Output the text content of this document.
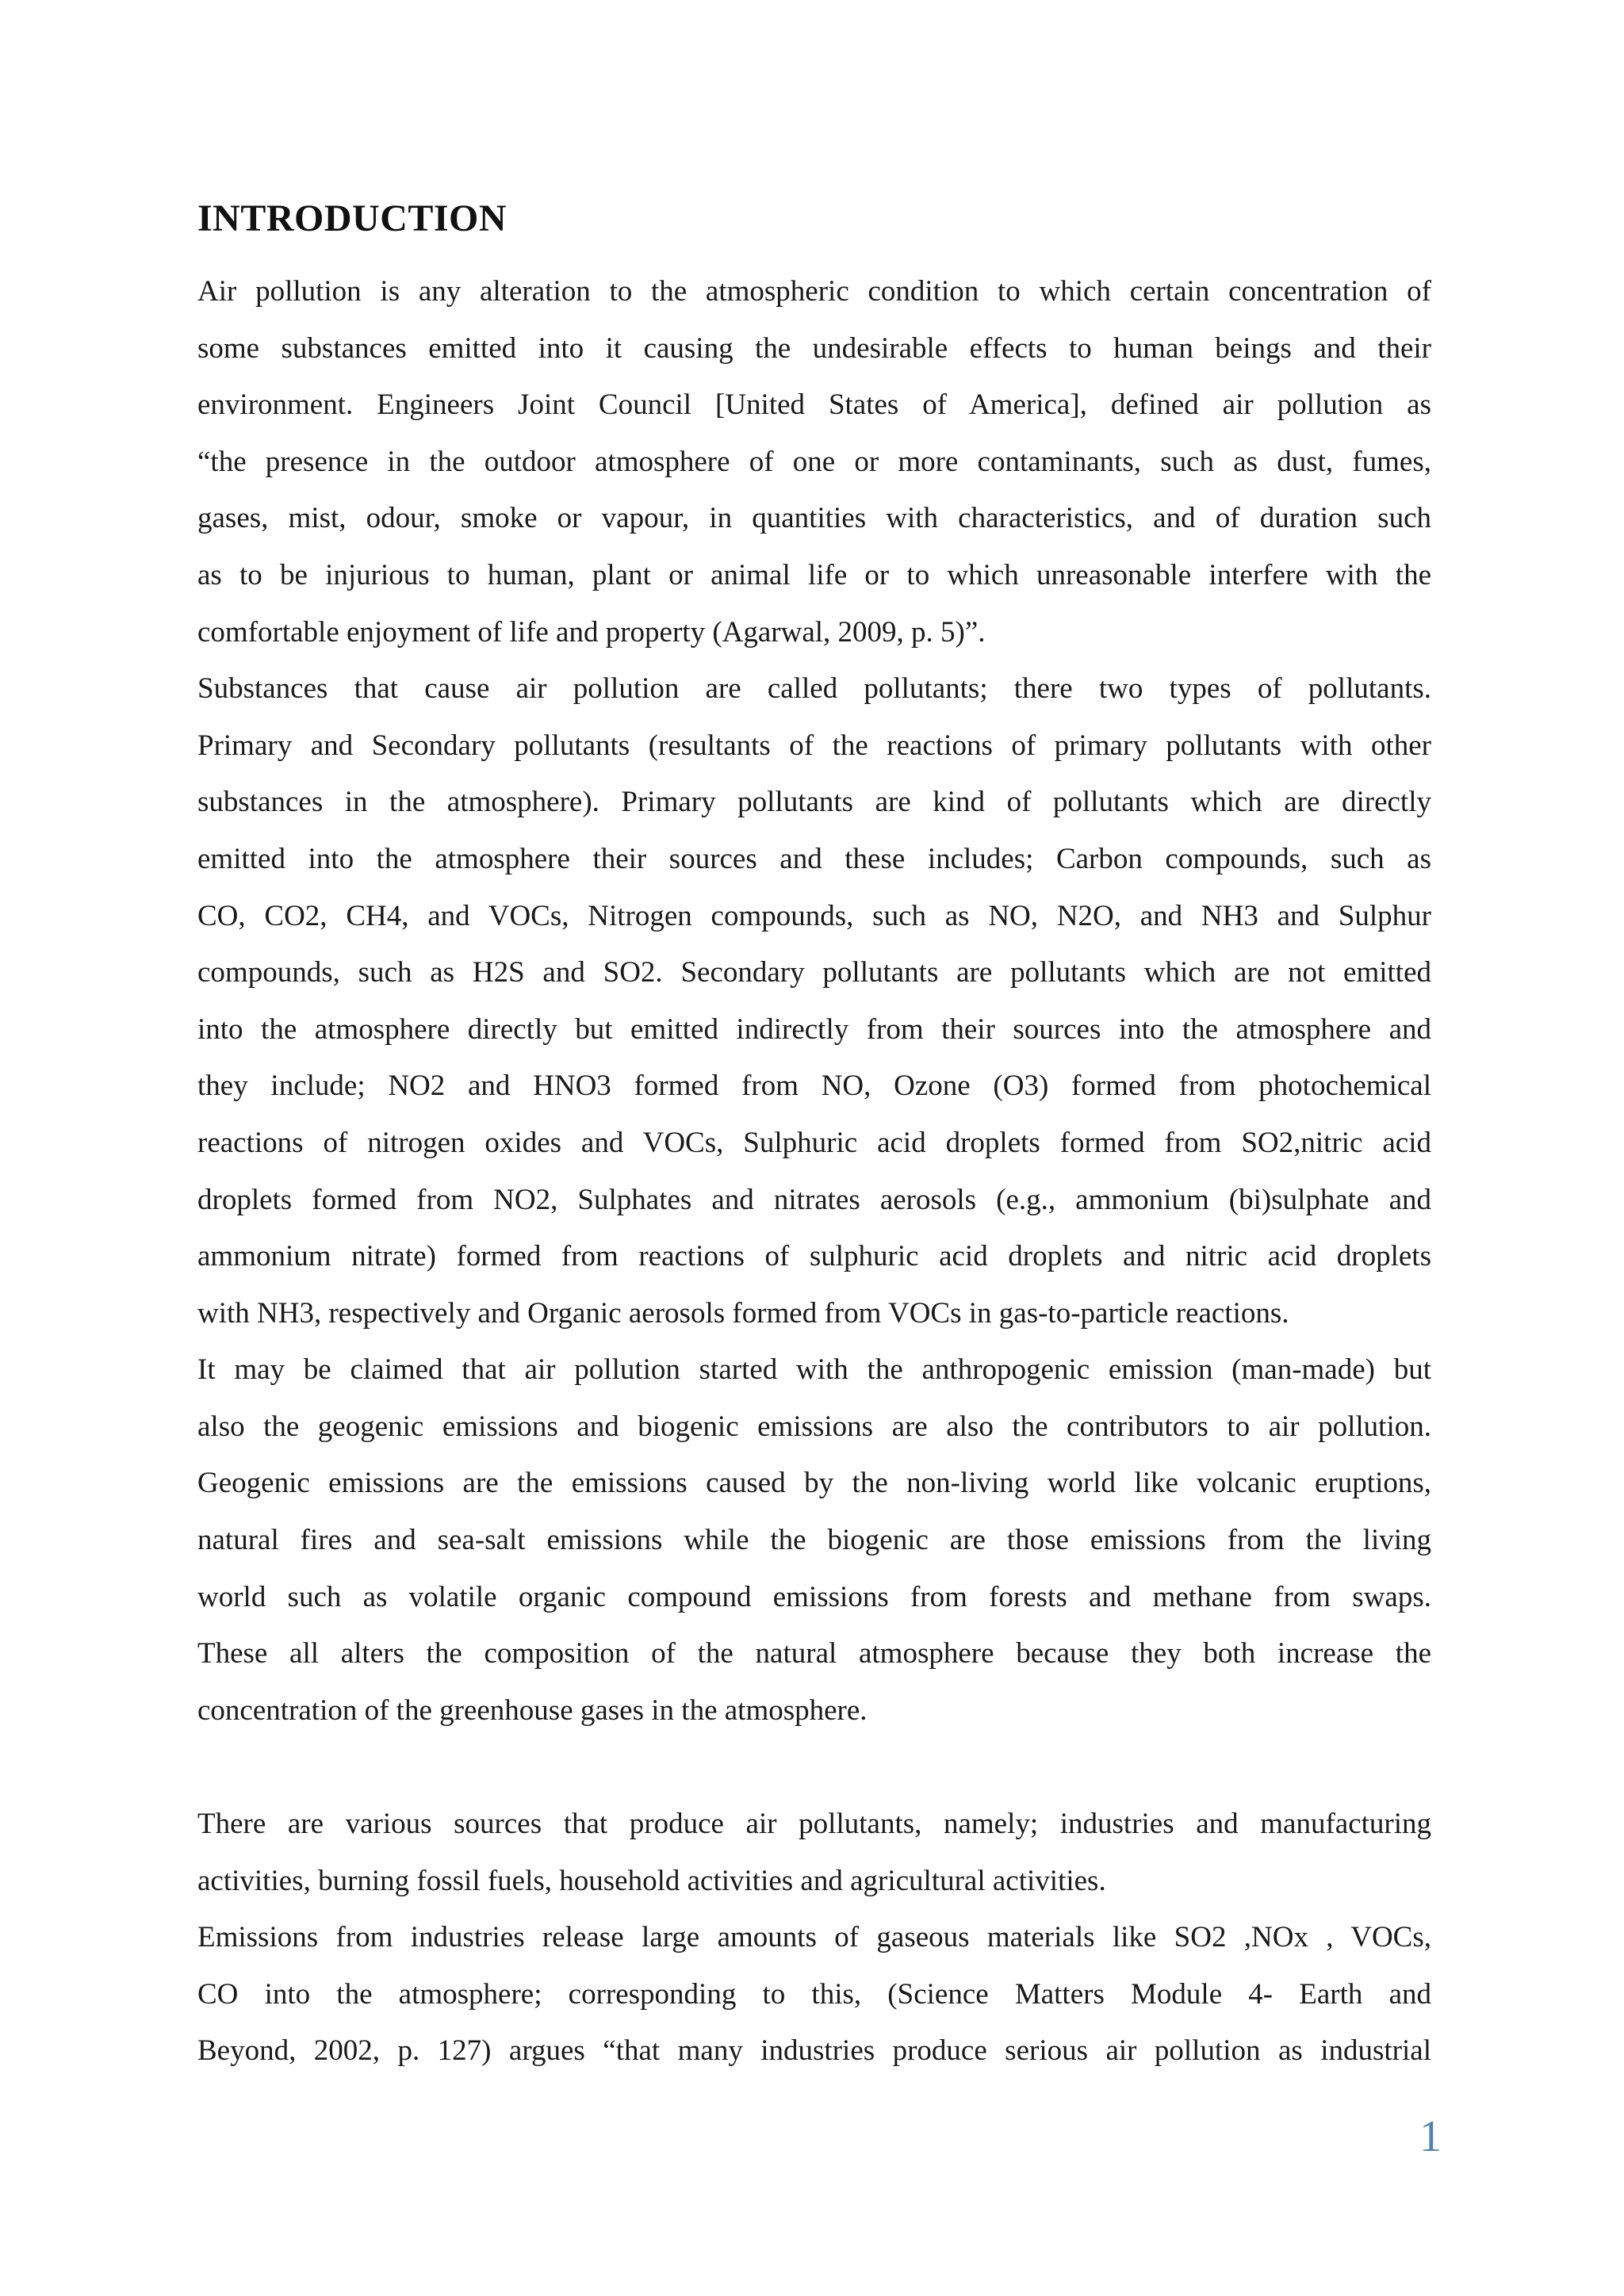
INTRODUCTION
Air pollution is any alteration to the atmospheric condition to which certain concentration of
some substances emitted into it causing the undesirable effects to human beings and their
environment. Engineers Joint Council [United States of America], defined air pollution as
“the presence in the outdoor atmosphere of one or more contaminants, such as dust, fumes,
gases, mist, odour, smoke or vapour, in quantities with characteristics, and of duration such
as to be injurious to human, plant or animal life or to which unreasonable interfere with the
comfortable enjoyment of life and property (Agarwal, 2009, p. 5)”.
Substances that cause air pollution are called pollutants; there two types of pollutants.
Primary and Secondary pollutants (resultants of the reactions of primary pollutants with other
substances in the atmosphere). Primary pollutants are kind of pollutants which are directly
emitted into the atmosphere their sources and these includes; Carbon compounds, such as
CO, CO2, CH4, and VOCs, Nitrogen compounds, such as NO, N2O, and NH3 and Sulphur
compounds, such as H2S and SO2. Secondary pollutants are pollutants which are not emitted
into the atmosphere directly but emitted indirectly from their sources into the atmosphere and
they include; NO2 and HNO3 formed from NO, Ozone (O3) formed from photochemical
reactions of nitrogen oxides and VOCs, Sulphuric acid droplets formed from SO2,nitric acid
droplets formed from NO2, Sulphates and nitrates aerosols (e.g., ammonium (bi)sulphate and
ammonium nitrate) formed from reactions of sulphuric acid droplets and nitric acid droplets
with NH3, respectively and Organic aerosols formed from VOCs in gas-to-particle reactions.
It may be claimed that air pollution started with the anthropogenic emission (man-made) but
also the geogenic emissions and biogenic emissions are also the contributors to air pollution.
Geogenic emissions are the emissions caused by the non-living world like volcanic eruptions,
natural fires and sea-salt emissions while the biogenic are those emissions from the living
world such as volatile organic compound emissions from forests and methane from swaps.
These all alters the composition of the natural atmosphere because they both increase the
concentration of the greenhouse gases in the atmosphere.
There are various sources that produce air pollutants, namely; industries and manufacturing
activities, burning fossil fuels, household activities and agricultural activities.
Emissions from industries release large amounts of gaseous materials like SO2 ,NOx , VOCs,
CO into the atmosphere; corresponding to this, (Science Matters Module 4- Earth and
Beyond, 2002, p. 127) argues “that many industries produce serious air pollution as industrial
1
